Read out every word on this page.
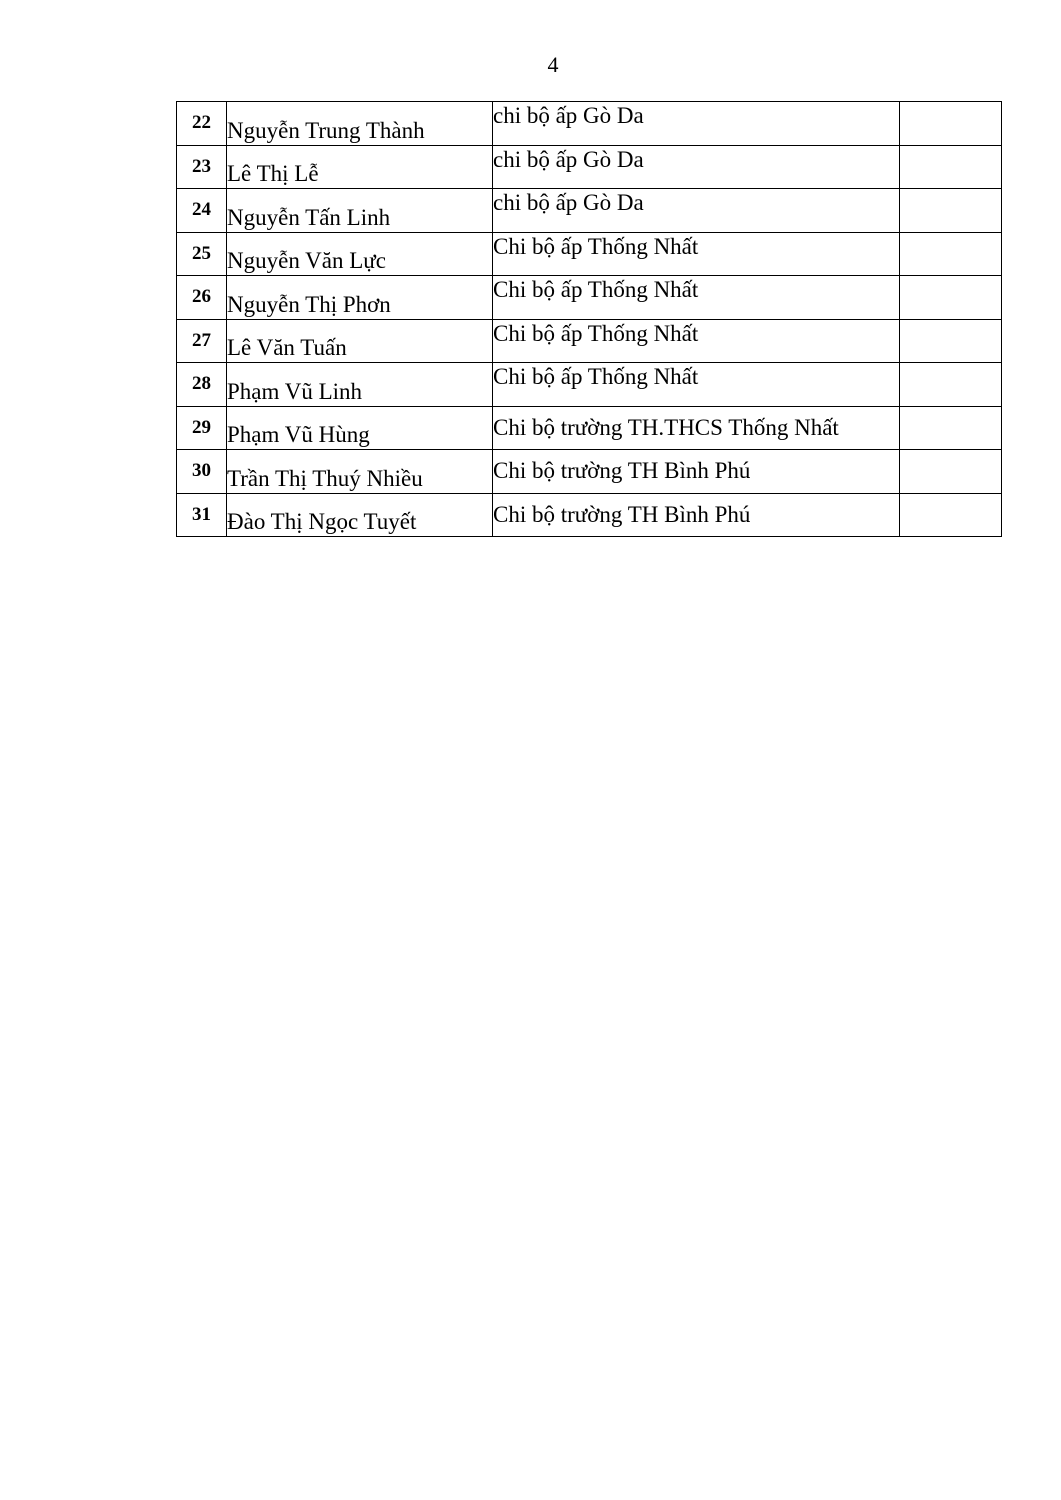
4
22	Nguyễn Trung Thành	chi bộ ấp Gò Da	
23	Lê Thị Lễ	chi bộ ấp Gò Da	
24	Nguyễn Tấn Linh	chi bộ ấp Gò Da	
25	Nguyễn Văn Lực	Chi bộ ấp Thống Nhất	
26	Nguyễn Thị Phơn	Chi bộ ấp Thống Nhất	
27	Lê Văn Tuấn	Chi bộ ấp Thống Nhất	
28	Phạm Vũ Linh	Chi bộ ấp Thống Nhất	
29	Phạm Vũ Hùng	Chi bộ trường TH.THCS Thống Nhất	
30	Trần Thị Thuý Nhiều	Chi bộ trường TH Bình Phú	
31	Đào Thị Ngọc Tuyết	Chi bộ trường TH Bình Phú	
